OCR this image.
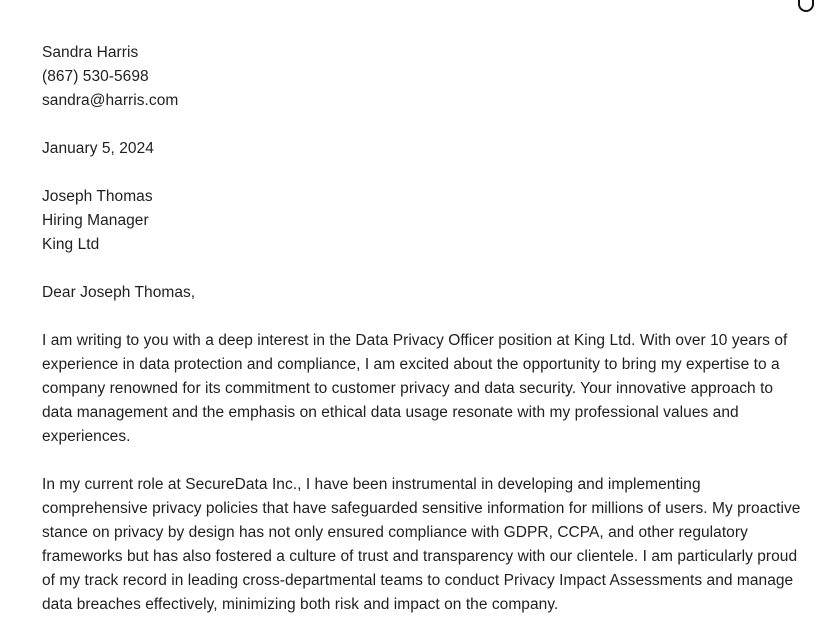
Sandra Harris
(867) 530-5698
sandra@harris.com
January 5, 2024
Joseph Thomas
Hiring Manager
King Ltd
Dear Joseph Thomas,

I am writing to you with a deep interest in the Data Privacy Officer position at King Ltd. With over 10 years of experience in data protection and compliance, I am excited about the opportunity to bring my expertise to a company renowned for its commitment to customer privacy and data security. Your innovative approach to data management and the emphasis on ethical data usage resonate with my professional values and experiences.

In my current role at SecureData Inc., I have been instrumental in developing and implementing comprehensive privacy policies that have safeguarded sensitive information for millions of users. My proactive stance on privacy by design has not only ensured compliance with GDPR, CCPA, and other regulatory frameworks but has also fostered a culture of trust and transparency with our clientele. I am particularly proud of my track record in leading cross-departmental teams to conduct Privacy Impact Assessments and manage data breaches effectively, minimizing both risk and impact on the company.
